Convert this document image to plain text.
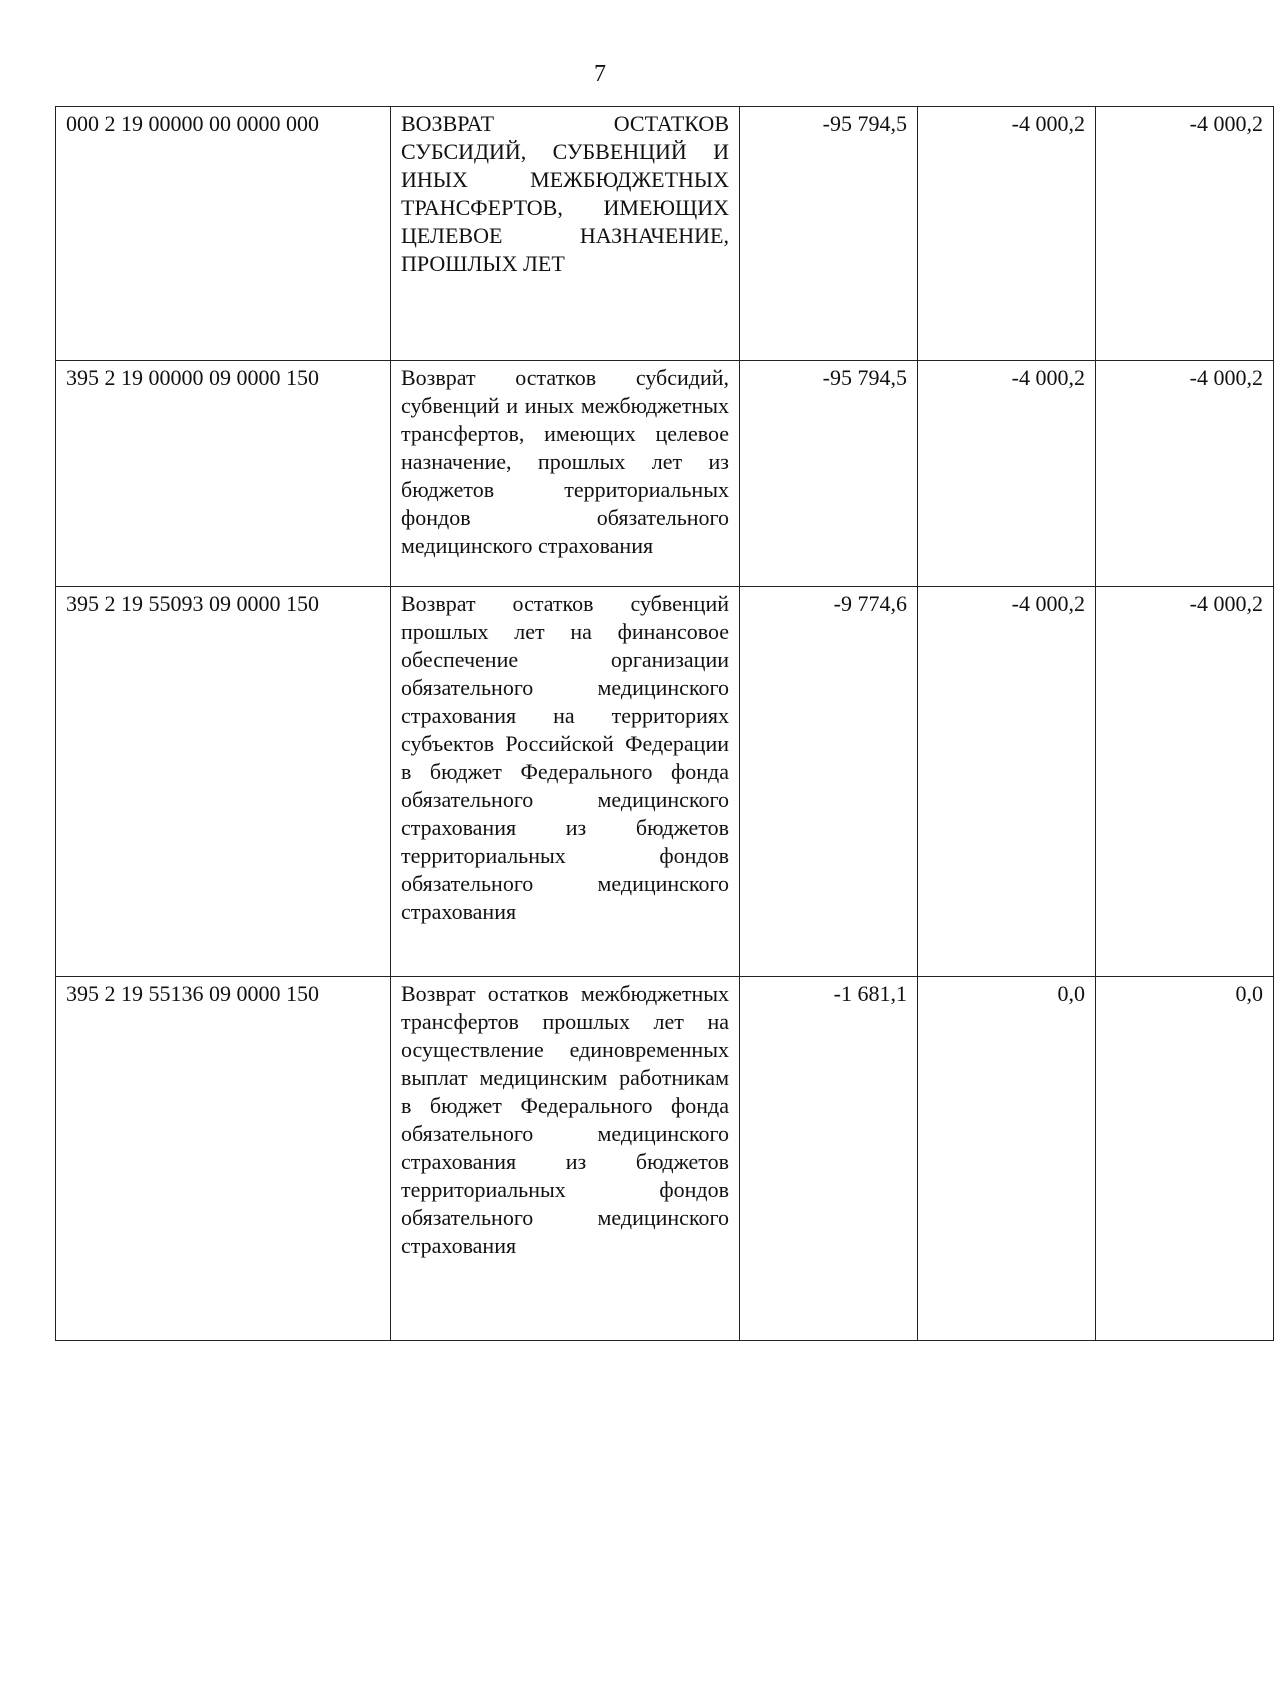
7
000 2 19 00000 00 0000 000	ВОЗВРАТ ОСТАТКОВ СУБСИДИЙ, СУБВЕНЦИЙ И ИНЫХ МЕЖБЮДЖЕТНЫХ ТРАНСФЕРТОВ, ИМЕЮЩИХ ЦЕЛЕВОЕ НАЗНАЧЕНИЕ, ПРОШЛЫХ ЛЕТ	-95 794,5	-4 000,2	-4 000,2
395 2 19 00000 09 0000 150	Возврат остатков субсидий, субвенций и иных межбюджетных трансфертов, имеющих целевое назначение, прошлых лет из бюджетов территориальных фондов обязательного медицинского страхования	-95 794,5	-4 000,2	-4 000,2
395 2 19 55093 09 0000 150	Возврат остатков субвенций прошлых лет на финансовое обеспечение организации обязательного медицинского страхования на территориях субъектов Российской Федерации в бюджет Федерального фонда обязательного медицинского страхования из бюджетов территориальных фондов обязательного медицинского страхования	-9 774,6	-4 000,2	-4 000,2
395 2 19 55136 09 0000 150	Возврат остатков межбюджетных трансфертов прошлых лет на осуществление единовременных выплат медицинским работникам в бюджет Федерального фонда обязательного медицинского страхования из бюджетов территориальных фондов обязательного медицинского страхования	-1 681,1	0,0	0,0
